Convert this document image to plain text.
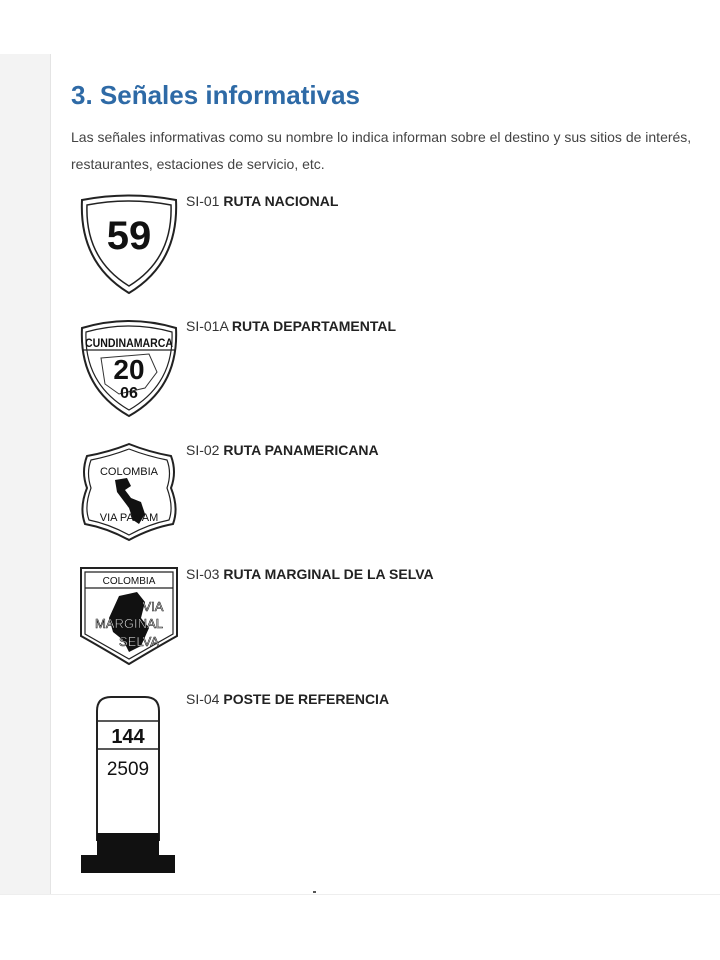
3. Señales informativas

Las señales informativas como su nombre lo indica informan sobre el destino y sus sitios de interés, restaurantes, estaciones de servicio, etc.

59
SI-01 RUTA NACIONAL
CUNDINAMARCA
20
06
SI-01A RUTA DEPARTAMENTAL
COLOMBIA
VIA PANAM
SI-02 RUTA PANAMERICANA
COLOMBIA
VIA
MARGINAL
SELVA
SI-03 RUTA MARGINAL DE LA SELVA
144
2509
SI-04 POSTE DE REFERENCIA
